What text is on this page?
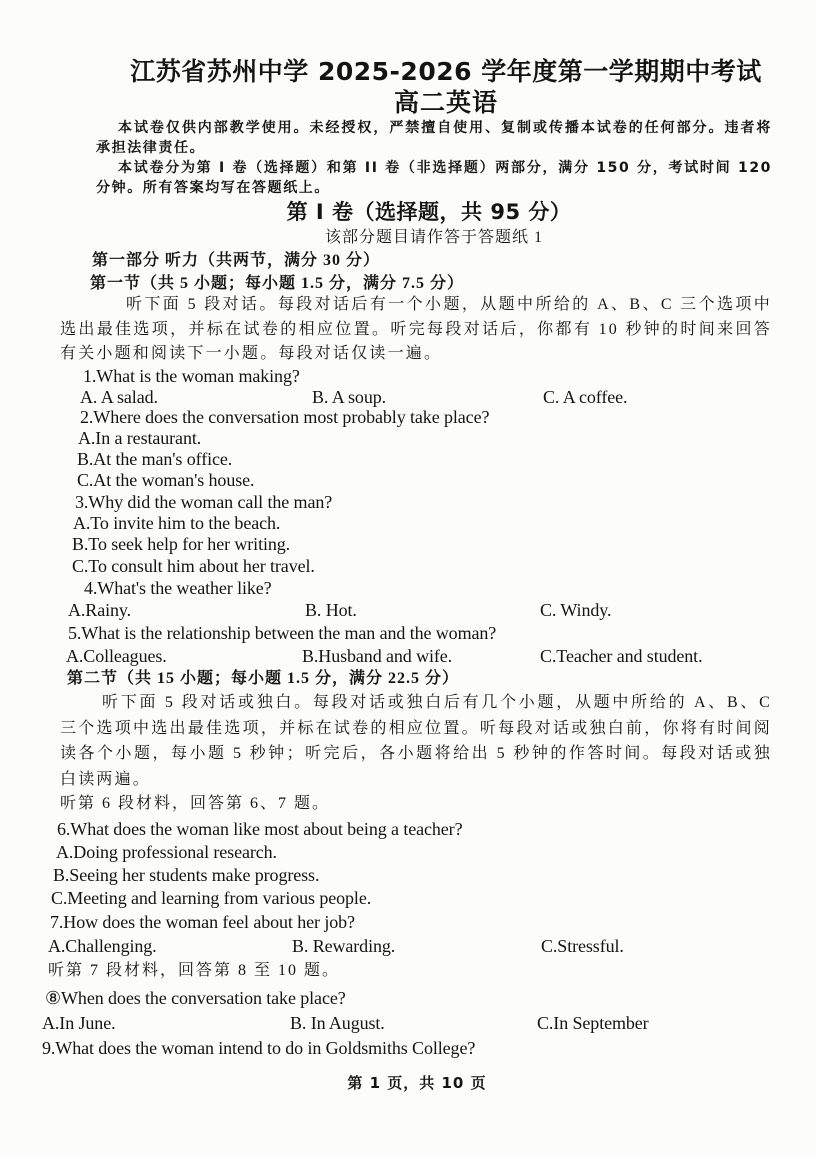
江苏省苏州中学 2025-2026 学年度第一学期期中考试
高二英语

本试卷仅供内部教学使用。未经授权，严禁擅自使用、复制或传播本试卷的任何部分。违者将承担法律责任。

本试卷分为第 I 卷（选择题）和第 II 卷（非选择题）两部分，满分 150 分，考试时间 120 分钟。所有答案均写在答题纸上。

第 I 卷（选择题，共 95 分）
该部分题目请作答于答题纸 1
第一部分 听力（共两节，满分 30 分）
第一节（共 5 小题；每小题 1.5 分，满分 7.5 分）

听下面 5 段对话。每段对话后有一个小题，从题中所给的 A、B、C 三个选项中选出最佳选项，并标在试卷的相应位置。听完每段对话后，你都有 10 秒钟的时间来回答有关小题和阅读下一小题。每段对话仅读一遍。

1.What is the woman making?
A. A salad.	B. A soup.	C. A coffee.
2.Where does the conversation most probably take place?
A.In a restaurant.
B.At the man's office.
C.At the woman's house.
3.Why did the woman call the man?
A.To invite him to the beach.
B.To seek help for her writing.
C.To consult him about her travel.
4.What's the weather like?
A.Rainy.	B. Hot.	C. Windy.
5.What is the relationship between the man and the woman?
A.Colleagues.	B.Husband and wife.	C.Teacher and student.
第二节（共 15 小题；每小题 1.5 分，满分 22.5 分）

听下面 5 段对话或独白。每段对话或独白后有几个小题，从题中所给的 A、B、C 三个选项中选出最佳选项，并标在试卷的相应位置。听每段对话或独白前，你将有时间阅读各个小题，每小题 5 秒钟；听完后，各小题将给出 5 秒钟的作答时间。每段对话或独白读两遍。

听第 6 段材料，回答第 6、7 题。
6.What does the woman like most about being a teacher?
A.Doing professional research.
B.Seeing her students make progress.
C.Meeting and learning from various people.
7.How does the woman feel about her job?
A.Challenging.	B. Rewarding.	C.Stressful.
听第 7 段材料，回答第 8 至 10 题。
⑧When does the conversation take place?
A.In June.	B. In August.	C.In September
9.What does the woman intend to do in Goldsmiths College?
第 1 页，共 10 页
